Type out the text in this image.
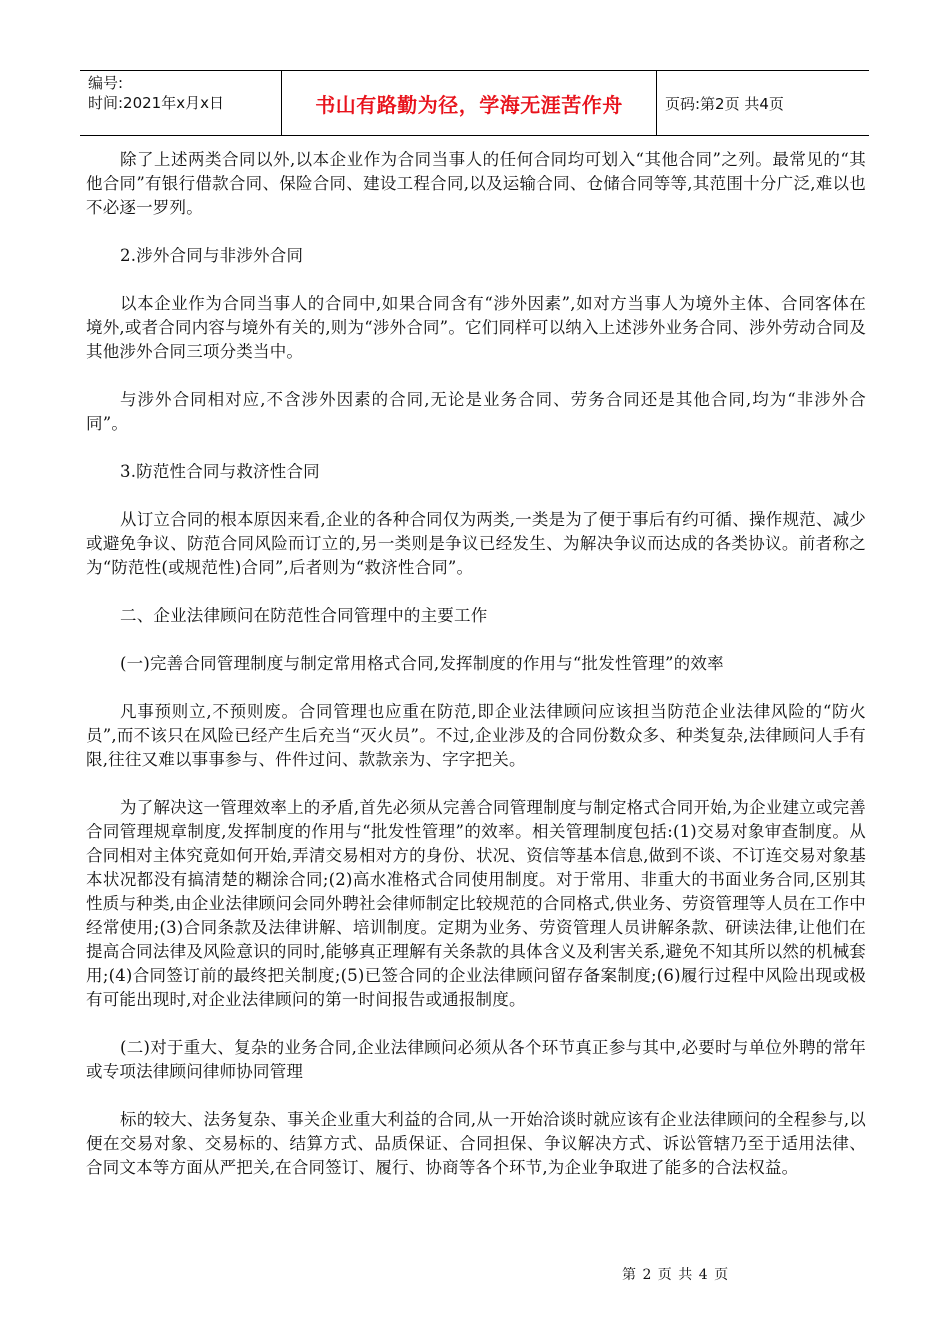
编号:
时间:2021年x月x日	书山有路勤为径，学海无涯苦作舟	页码:第2页 共4页

除了上述两类合同以外,以本企业作为合同当事人的任何合同均可划入“其他合同”之列。最常见的“其他合同”有银行借款合同、保险合同、建设工程合同,以及运输合同、仓储合同等等,其范围十分广泛,难以也不必逐一罗列。

2.涉外合同与非涉外合同

以本企业作为合同当事人的合同中,如果合同含有“涉外因素”,如对方当事人为境外主体、合同客体在境外,或者合同内容与境外有关的,则为“涉外合同”。它们同样可以纳入上述涉外业务合同、涉外劳动合同及其他涉外合同三项分类当中。

与涉外合同相对应,不含涉外因素的合同,无论是业务合同、劳务合同还是其他合同,均为“非涉外合同”。

3.防范性合同与救济性合同

从订立合同的根本原因来看,企业的各种合同仅为两类,一类是为了便于事后有约可循、操作规范、减少或避免争议、防范合同风险而订立的,另一类则是争议已经发生、为解决争议而达成的各类协议。前者称之为“防范性(或规范性)合同”,后者则为“救济性合同”。

二、企业法律顾问在防范性合同管理中的主要工作

(一)完善合同管理制度与制定常用格式合同,发挥制度的作用与“批发性管理”的效率

凡事预则立,不预则废。合同管理也应重在防范,即企业法律顾问应该担当防范企业法律风险的“防火员”,而不该只在风险已经产生后充当“灭火员”。不过,企业涉及的合同份数众多、种类复杂,法律顾问人手有限,往往又难以事事参与、件件过问、款款亲为、字字把关。

为了解决这一管理效率上的矛盾,首先必须从完善合同管理制度与制定格式合同开始,为企业建立或完善合同管理规章制度,发挥制度的作用与“批发性管理”的效率。相关管理制度包括:(1)交易对象审查制度。从合同相对主体究竟如何开始,弄清交易相对方的身份、状况、资信等基本信息,做到不谈、不订连交易对象基本状况都没有搞清楚的糊涂合同;(2)高水准格式合同使用制度。对于常用、非重大的书面业务合同,区别其性质与种类,由企业法律顾问会同外聘社会律师制定比较规范的合同格式,供业务、劳资管理等人员在工作中经常使用;(3)合同条款及法律讲解、培训制度。定期为业务、劳资管理人员讲解条款、研读法律,让他们在提高合同法律及风险意识的同时,能够真正理解有关条款的具体含义及利害关系,避免不知其所以然的机械套用;(4)合同签订前的最终把关制度;(5)已签合同的企业法律顾问留存备案制度;(6)履行过程中风险出现或极有可能出现时,对企业法律顾问的第一时间报告或通报制度。

(二)对于重大、复杂的业务合同,企业法律顾问必须从各个环节真正参与其中,必要时与单位外聘的常年或专项法律顾问律师协同管理

标的较大、法务复杂、事关企业重大利益的合同,从一开始洽谈时就应该有企业法律顾问的全程参与,以便在交易对象、交易标的、结算方式、品质保证、合同担保、争议解决方式、诉讼管辖乃至于适用法律、合同文本等方面从严把关,在合同签订、履行、协商等各个环节,为企业争取进了能多的合法权益。

第 2 页 共 4 页
